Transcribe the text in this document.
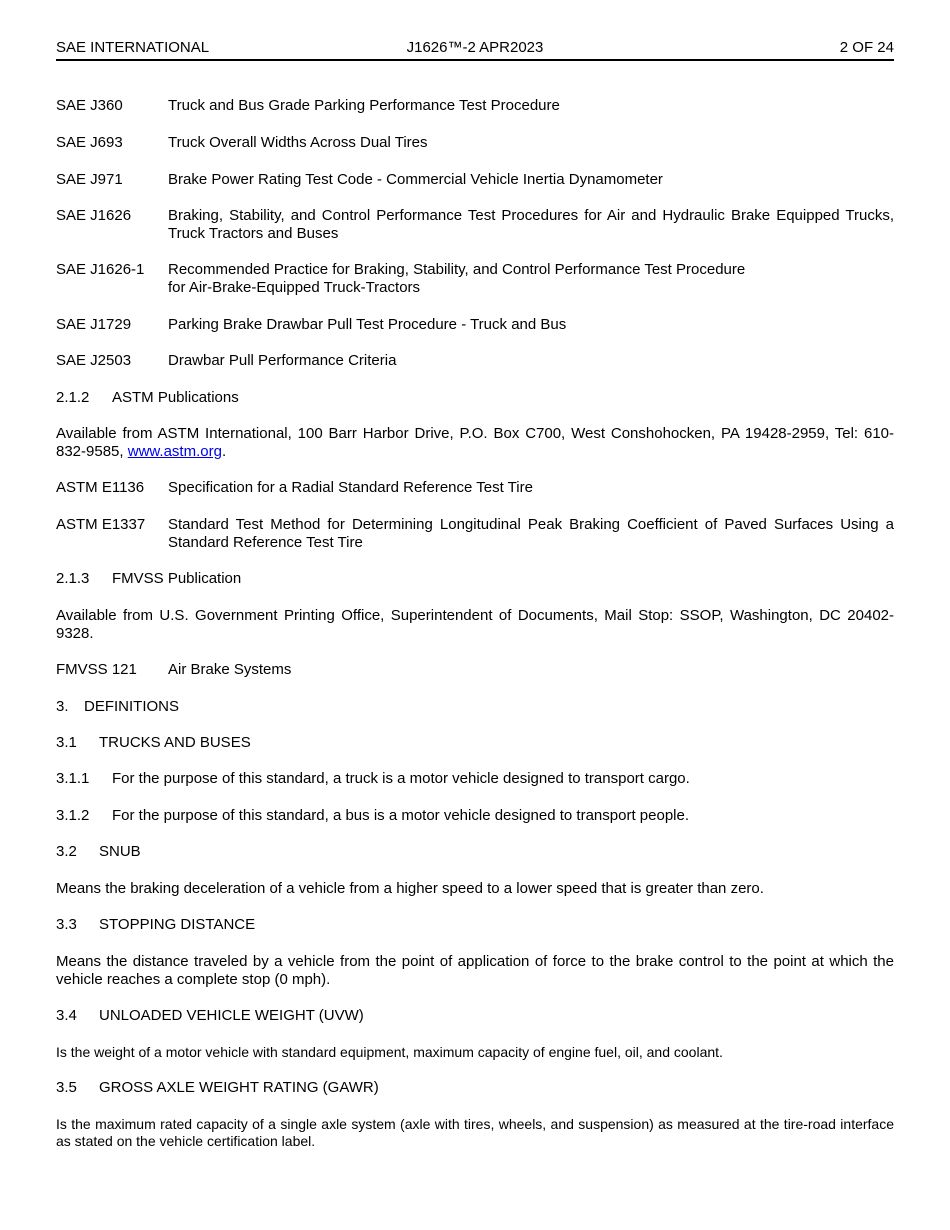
SAE INTERNATIONAL	J1626™-2 APR2023	2 OF 24
SAE J360	Truck and Bus Grade Parking Performance Test Procedure
SAE J693	Truck Overall Widths Across Dual Tires
SAE J971	Brake Power Rating Test Code - Commercial Vehicle Inertia Dynamometer
SAE J1626	Braking, Stability, and Control Performance Test Procedures for Air and Hydraulic Brake Equipped Trucks, Truck Tractors and Buses
SAE J1626-1	Recommended Practice for Braking, Stability, and Control Performance Test Procedure
for Air-Brake-Equipped Truck-Tractors
SAE J1729	Parking Brake Drawbar Pull Test Procedure - Truck and Bus
SAE J2503	Drawbar Pull Performance Criteria
2.1.2	ASTM Publications
Available from ASTM International, 100 Barr Harbor Drive, P.O. Box C700, West Conshohocken, PA 19428-2959, Tel: 610-832-9585, www.astm.org.
ASTM E1136	Specification for a Radial Standard Reference Test Tire
ASTM E1337	Standard Test Method for Determining Longitudinal Peak Braking Coefficient of Paved Surfaces Using a Standard Reference Test Tire
2.1.3	FMVSS Publication
Available from U.S. Government Printing Office, Superintendent of Documents, Mail Stop: SSOP, Washington, DC 20402-9328.
FMVSS 121	Air Brake Systems
3.	DEFINITIONS
3.1	TRUCKS AND BUSES
3.1.1	For the purpose of this standard, a truck is a motor vehicle designed to transport cargo.
3.1.2	For the purpose of this standard, a bus is a motor vehicle designed to transport people.
3.2	SNUB
Means the braking deceleration of a vehicle from a higher speed to a lower speed that is greater than zero.
3.3	STOPPING DISTANCE
Means the distance traveled by a vehicle from the point of application of force to the brake control to the point at which the vehicle reaches a complete stop (0 mph).
3.4	UNLOADED VEHICLE WEIGHT (UVW)
Is the weight of a motor vehicle with standard equipment, maximum capacity of engine fuel, oil, and coolant.
3.5	GROSS AXLE WEIGHT RATING (GAWR)
Is the maximum rated capacity of a single axle system (axle with tires, wheels, and suspension) as measured at the tire-road interface as stated on the vehicle certification label.
